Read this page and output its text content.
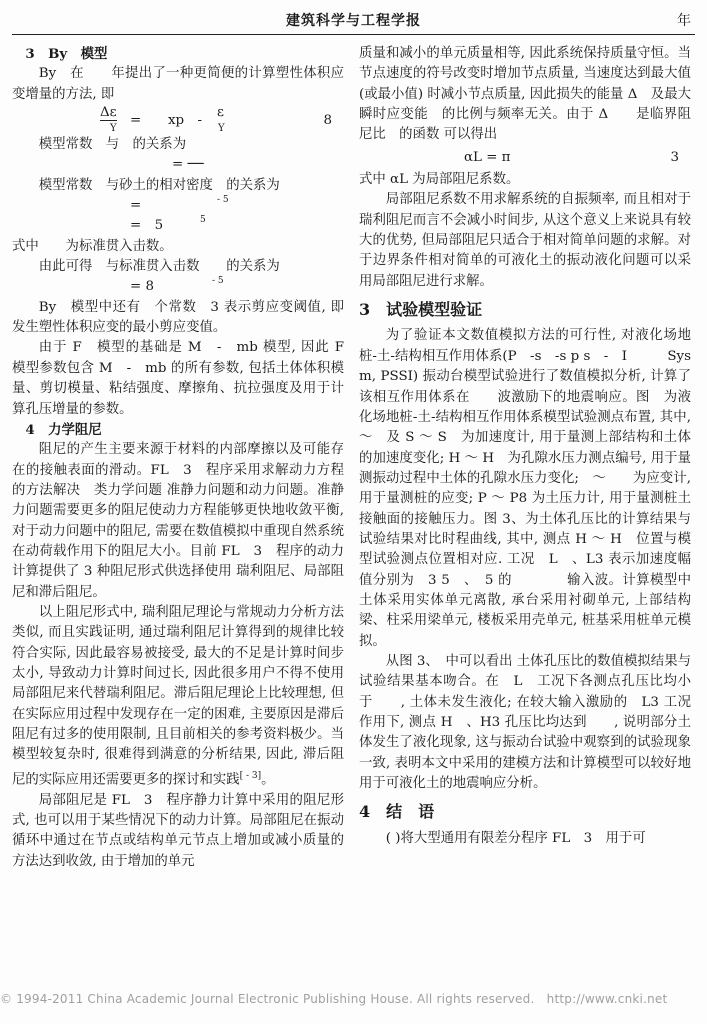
建筑科学与工程学报	年
3　By　模型

By　在　　年提出了一种更简便的计算塑性体积应变增量的方法, 即

Δε
Y
=　　xp　-
ε
Y
8

模型常数　与　的关系为

= ──

模型常数　与砂土的相对密度　的关系为

=	- 5
=　5	5

式中　　为标准贯入击数。

由此可得　与标准贯入击数　　的关系为

= 8	- 5

By　模型中还有　个常数　3 表示剪应变阈值, 即发生塑性体积应变的最小剪应变值。

由于 F　模型的基础是 M　-　mb 模型, 因此 F　模型参数包含 M　-　mb 的所有参数, 包括土体体积模量、剪切模量、粘结强度、摩擦角、抗拉强度及用于计算孔压增量的参数。

4　力学阻尼

阻尼的产生主要来源于材料的内部摩擦以及可能存在的接触表面的滑动。FL　3　程序采用求解动力方程的方法解决　类力学问题 准静力问题和动力问题。准静力问题需要更多的阻尼使动力方程能够更快地收敛平衡, 对于动力问题中的阻尼, 需要在数值模拟中重现自然系统在动荷载作用下的阻尼大小。目前 FL　3　程序的动力计算提供了 3 种阻尼形式供选择使用 瑞利阻尼、局部阻尼和滞后阻尼。

以上阻尼形式中, 瑞利阻尼理论与常规动力分析方法类似, 而且实践证明, 通过瑞利阻尼计算得到的规律比较符合实际, 因此最容易被接受, 最大的不足是计算时间步太小, 导致动力计算时间过长, 因此很多用户不得不使用局部阻尼来代替瑞利阻尼。滞后阻尼理论上比较理想, 但在实际应用过程中发现存在一定的困难, 主要原因是滞后阻尼有过多的使用限制, 且目前相关的参考资料极少。当模型较复杂时, 很难得到满意的分析结果, 因此, 滞后阻尼的实际应用还需要更多的探讨和实践[ - 3]。

局部阻尼是 FL　3　程序静力计算中采用的阻尼形式, 也可以用于某些情况下的动力计算。局部阻尼在振动循环中通过在节点或结构单元节点上增加或减小质量的方法达到收敛, 由于增加的单元

质量和减小的单元质量相等, 因此系统保持质量守恒。当节点速度的符号改变时增加节点质量, 当速度达到最大值(或最小值) 时减小节点质量, 因此损失的能量 Δ　及最大瞬时应变能　的比例与频率无关。由于 Δ　　是临界阻尼比　的函数 可以得出

αL = π	3

式中 αL 为局部阻尼系数。

局部阻尼系数不用求解系统的自振频率, 而且相对于瑞利阻尼而言不会减小时间步, 从这个意义上来说具有较大的优势, 但局部阻尼只适合于相对简单问题的求解。对于边界条件相对简单的可液化土的振动液化问题可以采用局部阻尼进行求解。

3　试验模型验证

为了验证本文数值模拟方法的可行性, 对液化场地桩-土-结构相互作用体系(P　-s　-s p s　-　I　　　Sys　m, PSSI) 振动台模型试验进行了数值模拟分析, 计算了该相互作用体系在　　波激励下的地震响应。图　为液化场地桩-土-结构相互作用体系模型试验测点布置, 其中,　～　及 S ～ S　为加速度计, 用于量测上部结构和土体的加速度变化; H ～ H　为孔隙水压力测点编号, 用于量测振动过程中土体的孔隙水压力变化;　～　　为应变计, 用于量测桩的应变; P ～ P8 为土压力计, 用于量测桩土接触面的接触压力。图 3、为土体孔压比的计算结果与试验结果对比时程曲线, 其中, 测点 H ～ H　位置与模型试验测点位置相对应. 工况　L　、L3 表示加速度幅值分别为　3 5　、　5 的　　　　输入波。计算模型中土体采用实体单元离散, 承台采用衬砌单元, 上部结构梁、柱采用梁单元, 楼板采用壳单元, 桩基采用桩单元模拟。

从图 3、　中可以看出 土体孔压比的数值模拟结果与试验结果基本吻合。在　L　工况下各测点孔压比均小于　　, 土体未发生液化; 在较大输入激励的　L3 工况作用下, 测点 H　、H3 孔压比均达到　　, 说明部分土体发生了液化现象, 这与振动台试验中观察到的试验现象一致, 表明本文中采用的建模方法和计算模型可以较好地用于可液化土的地震响应分析。

4　结　语

( )将大型通用有限差分程序 FL　3　用于可

© 1994-2011 China Academic Journal Electronic Publishing House. All rights reserved.　http://www.cnki.net
